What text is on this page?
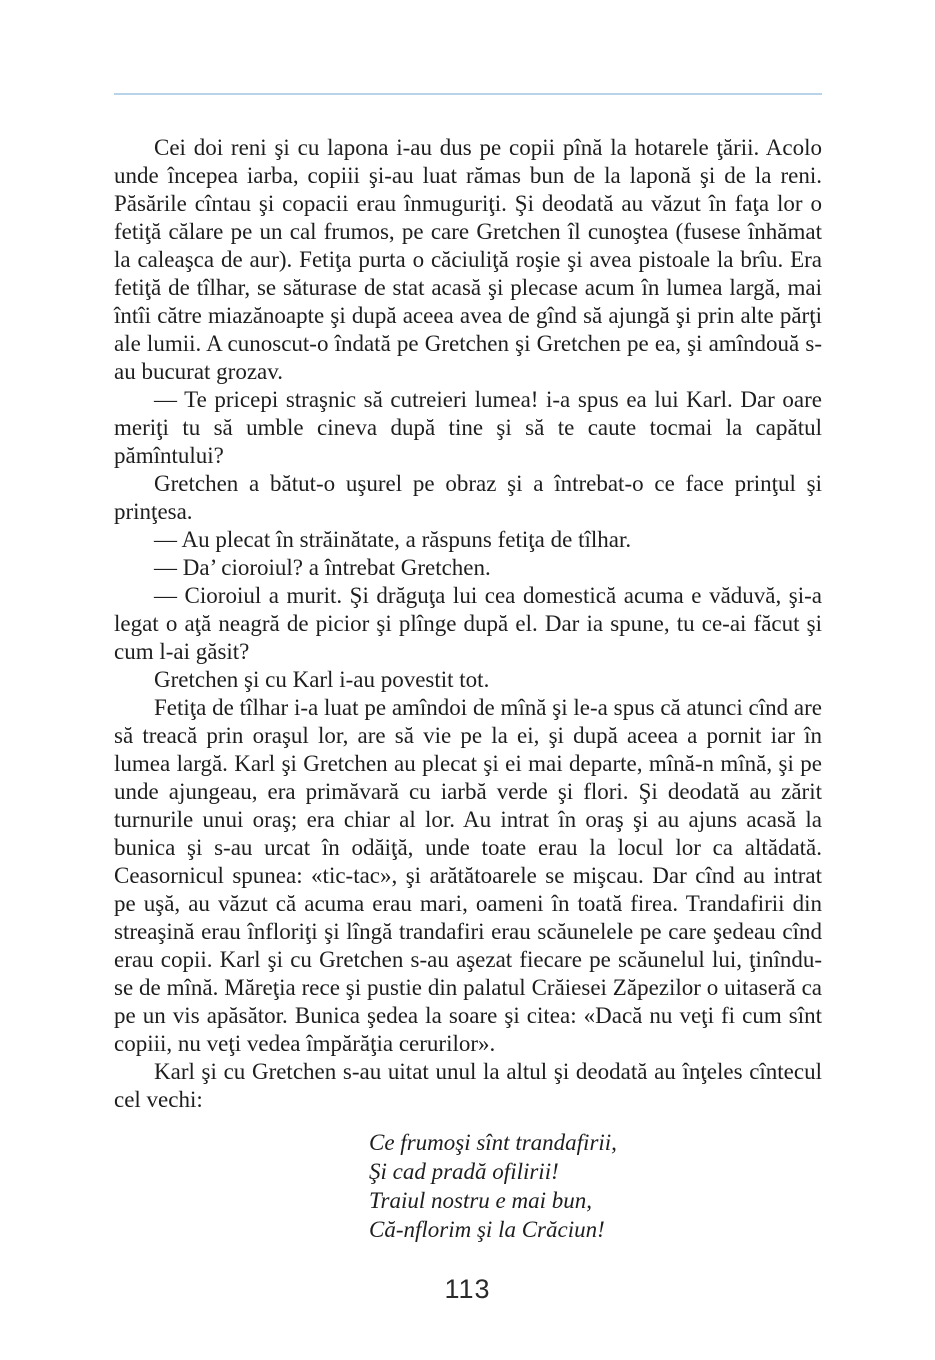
Cei doi reni şi cu lapona i-au dus pe copii pînă la hotarele ţării. Acolo unde începea iarba, copiii şi-au luat rămas bun de la laponă şi de la reni. Păsările cîntau şi copacii erau înmuguriţi. Şi deodată au văzut în faţa lor o fetiţă călare pe un cal frumos, pe care Gretchen îl cunoştea (fusese înhămat la caleaşca de aur). Fetiţa purta o căciuliţă roşie şi avea pistoale la brîu. Era fetiţă de tîlhar, se săturase de stat acasă şi plecase acum în lumea largă, mai întîi către miazănoapte şi după aceea avea de gînd să ajungă şi prin alte părţi ale lumii. A cunoscut-o îndată pe Gretchen şi Gretchen pe ea, şi amîndouă s-au bucurat grozav.

— Te pricepi straşnic să cutreieri lumea! i-a spus ea lui Karl. Dar oare meriţi tu să umble cineva după tine şi să te caute tocmai la capătul pămîntului?

Gretchen a bătut-o uşurel pe obraz şi a întrebat-o ce face prinţul şi prinţesa.

— Au plecat în străinătate, a răspuns fetiţa de tîlhar.

— Da’ cioroiul? a întrebat Gretchen.

— Cioroiul a murit. Şi drăguţa lui cea domestică acuma e văduvă, şi-a legat o aţă neagră de picior şi plînge după el. Dar ia spune, tu ce-ai făcut şi cum l-ai găsit?

Gretchen şi cu Karl i-au povestit tot.

Fetiţa de tîlhar i-a luat pe amîndoi de mînă şi le-a spus că atunci cînd are să treacă prin oraşul lor, are să vie pe la ei, şi după aceea a pornit iar în lumea largă. Karl şi Gretchen au plecat şi ei mai departe, mînă-n mînă, şi pe unde ajungeau, era primăvară cu iarbă verde şi flori. Şi deodată au zărit turnurile unui oraş; era chiar al lor. Au intrat în oraş şi au ajuns acasă la bunica şi s-au urcat în odăiţă, unde toate erau la locul lor ca altădată. Ceasornicul spunea: «tic-tac», şi arătătoarele se mişcau. Dar cînd au intrat pe uşă, au văzut că acuma erau mari, oameni în toată firea. Trandafirii din streaşină erau înfloriţi şi lîngă trandafiri erau scăunelele pe care şedeau cînd erau copii. Karl şi cu Gretchen s-au aşezat fiecare pe scăunelul lui, ţinîndu-se de mînă. Măreţia rece şi pustie din palatul Crăiesei Zăpezilor o uitaseră ca pe un vis apăsător. Bunica şedea la soare şi citea: «Dacă nu veţi fi cum sînt copiii, nu veţi vedea împărăţia cerurilor».

Karl şi cu Gretchen s-au uitat unul la altul şi deodată au înţeles cîntecul cel vechi:

Ce frumoşi sînt trandafirii,
Şi cad pradă ofilirii!
Traiul nostru e mai bun,
Că-nflorim şi la Crăciun!
113
